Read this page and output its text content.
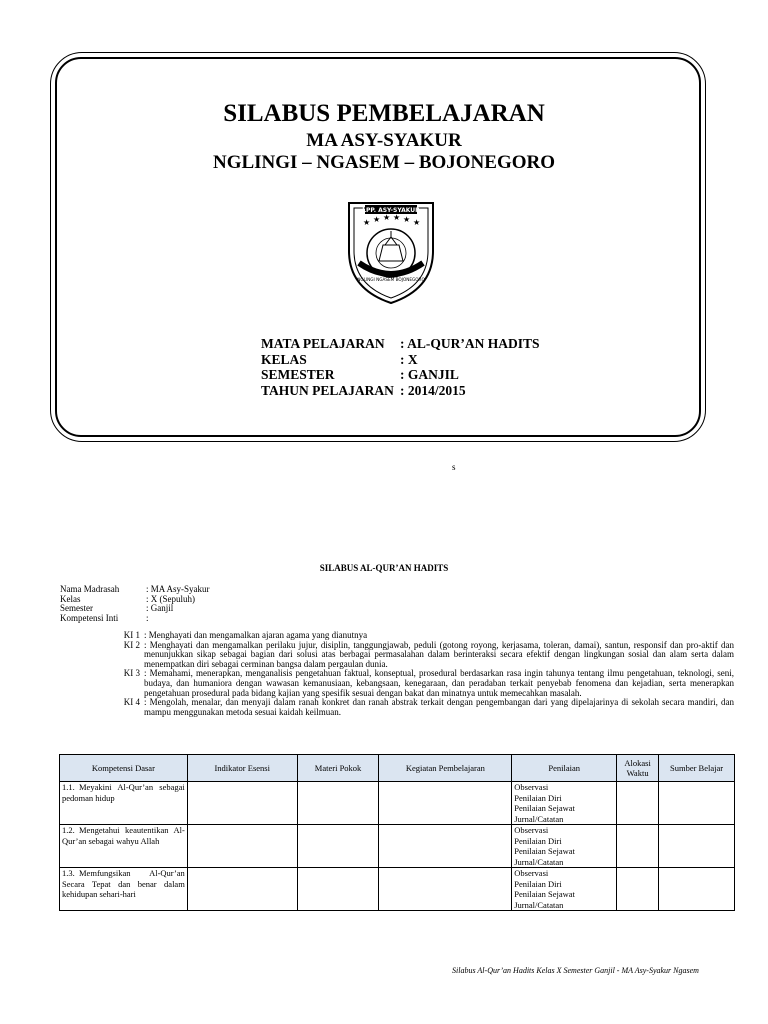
SILABUS PEMBELAJARAN
MA ASY-SYAKUR
NGLINGI – NGASEM – BOJONEGORO
LPP. ASY-SYAKUR
★ ★ ★ ★ ★ ★
NGLINGI NGASEM BOJONEGORO
MATA PELAJARAN	: AL-QUR’AN HADITS
KELAS	: X
SEMESTER	: GANJIL
TAHUN PELAJARAN : 2014/2015
s
SILABUS AL-QUR’AN HADITS
Nama Madrasah	: MA Asy-Syakur
Kelas	: X (Sepuluh)
Semester	: Ganjil
Kompetensi Inti	:
KI 1 : Menghayati dan mengamalkan ajaran agama yang dianutnya
KI 2 : Menghayati dan mengamalkan perilaku jujur, disiplin, tanggungjawab, peduli (gotong royong, kerjasama, toleran, damai), santun, responsif dan pro-aktif dan menunjukkan sikap sebagai bagian dari solusi atas berbagai permasalahan dalam berinteraksi secara efektif dengan lingkungan sosial dan alam serta dalam menempatkan diri sebagai cerminan bangsa dalam pergaulan dunia.
KI 3 : Memahami, menerapkan, menganalisis pengetahuan faktual, konseptual, prosedural berdasarkan rasa ingin tahunya tentang ilmu pengetahuan, teknologi, seni, budaya, dan humaniora dengan wawasan kemanusiaan, kebangsaan, kenegaraan, dan peradaban terkait penyebab fenomena dan kejadian, serta menerapkan pengetahuan prosedural pada bidang kajian yang spesifik sesuai dengan bakat dan minatnya untuk memecahkan masalah.
KI 4 : Mengolah, menalar, dan menyaji dalam ranah konkret dan ranah abstrak terkait dengan pengembangan dari yang dipelajarinya di sekolah secara mandiri, dan mampu menggunakan metoda sesuai kaidah keilmuan.
Kompetensi Dasar	Indikator Esensi	Materi Pokok	Kegiatan Pembelajaran	Penilaian	Alokasi Waktu	Sumber Belajar
1.1. Meyakini Al-Qur’an sebagai pedoman hidup				Observasi
Penilaian Diri
Penilaian Sejawat
Jurnal/Catatan		

1.2. Mengetahui keautentikan Al-Qur’an sebagai wahyu Allah				Observasi
Penilaian Diri
Penilaian Sejawat
Jurnal/Catatan		

1.3. Memfungsikan Al-Qur’an Secara Tepat dan benar dalam kehidupan sehari-hari				Observasi
Penilaian Diri
Penilaian Sejawat
Jurnal/Catatan		

Silabus Al-Qur’an Hadits Kelas X Semester Ganjil - MA Asy-Syakur Ngasem
